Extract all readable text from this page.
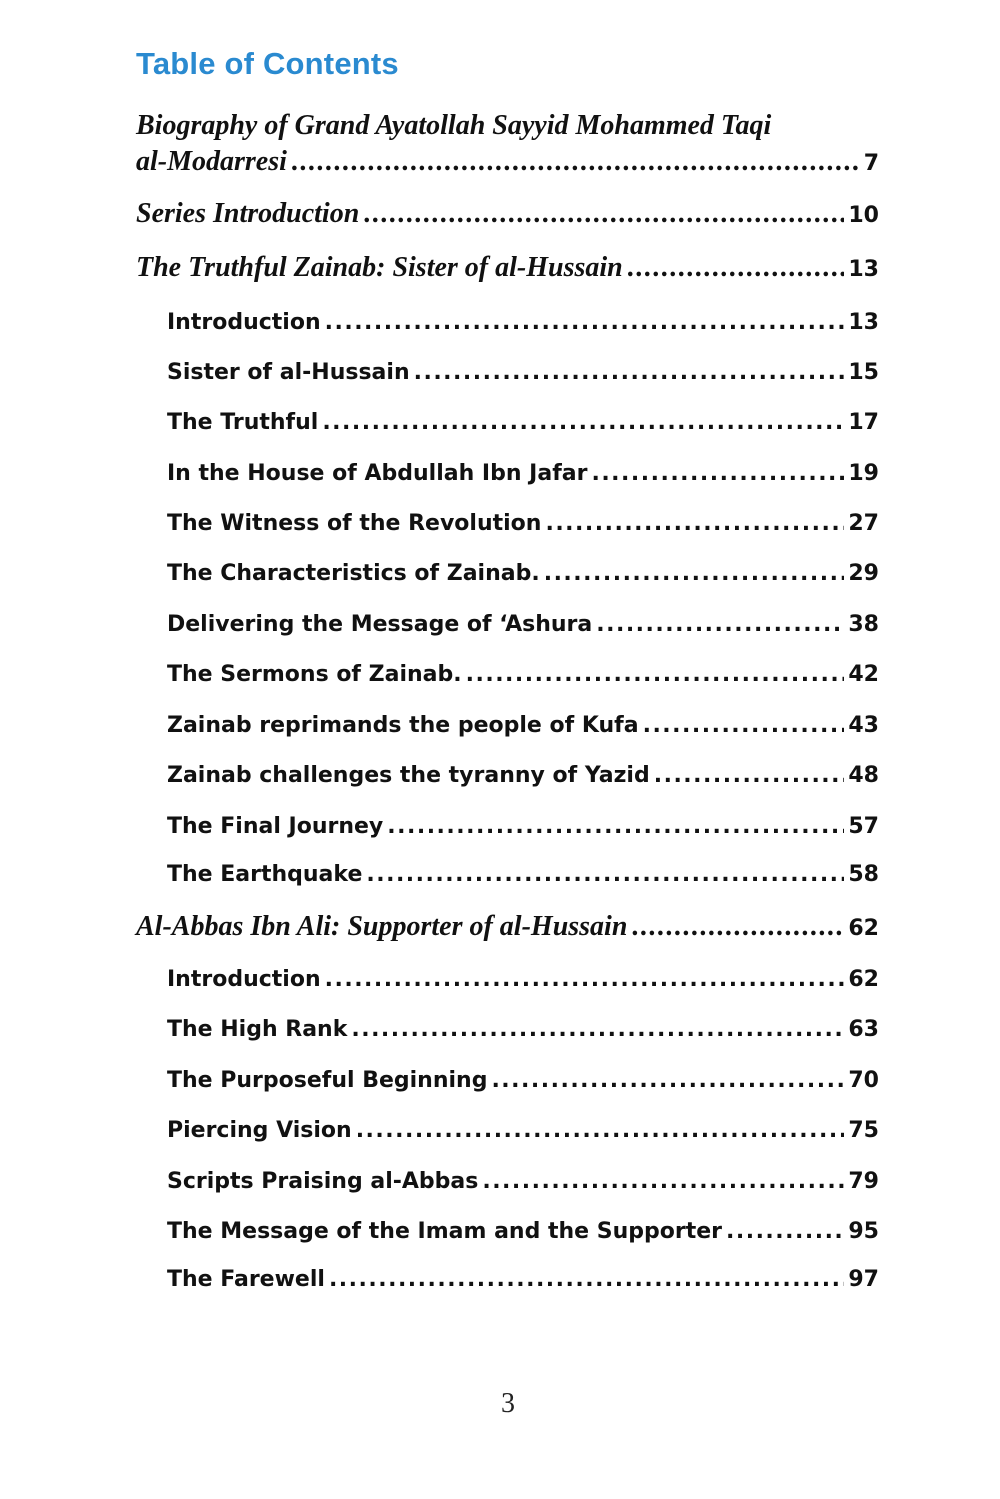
Table of Contents
Biography of Grand Ayatollah Sayyid Mohammed Taqi
al-Modarresi .....	7
Series Introduction .....	10
The Truthful Zainab: Sister of al-Hussain .....	13
Introduction .....	13
Sister of al-Hussain .....	15
The Truthful .....	17
In the House of Abdullah Ibn Jafar .....	19
The Witness of the Revolution .....	27
The Characteristics of Zainab. .....	29
Delivering the Message of ‘Ashura .....	38
The Sermons of Zainab. .....	42
Zainab reprimands the people of Kufa .....	43
Zainab challenges the tyranny of Yazid .....	48
The Final Journey .....	57
The Earthquake .....	58
Al-Abbas Ibn Ali: Supporter of al-Hussain .....	62
Introduction .....	62
The High Rank .....	63
The Purposeful Beginning .....	70
Piercing Vision .....	75
Scripts Praising al-Abbas .....	79
The Message of the Imam and the Supporter .....	95
The Farewell .....	97
3
